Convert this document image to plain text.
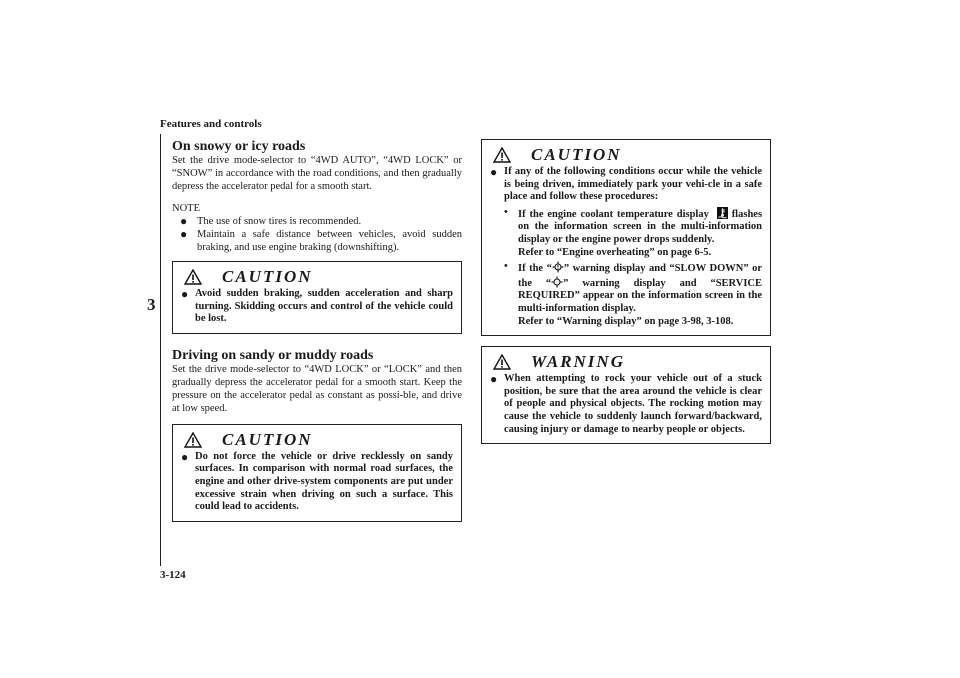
Features and controls
3
3-124
On snowy or icy roads

Set the drive mode-selector to “4WD AUTO”, “4WD LOCK” or “SNOW” in accordance with the road conditions, and then gradually depress the accelerator pedal for a smooth start.

NOTE
● The use of snow tires is recommended.
● Maintain a safe distance between vehicles, avoid sudden braking, and use engine braking (downshifting).
CAUTION
● Avoid sudden braking, sudden acceleration and sharp turning. Skidding occurs and control of the vehicle could be lost.
Driving on sandy or muddy roads

Set the drive mode-selector to “4WD LOCK” or “LOCK” and then gradually depress the accelerator pedal for a smooth start. Keep the pressure on the accelerator pedal as constant as possi-ble, and drive at low speed.

CAUTION
● Do not force the vehicle or drive recklessly on sandy surfaces. In comparison with normal road surfaces, the engine and other drive-system components are put under excessive strain when driving on such a surface. This could lead to accidents.
CAUTION
● If any of the following conditions occur while the vehicle is being driven, immediately park your vehi-cle in a safe place and follow these procedures:
• If the engine coolant temperature display flashes on the information screen in the multi-information display or the engine power drops suddenly.
Refer to “Engine overheating” on page 6-5.
• If the “ ” warning display and “SLOW DOWN” or the “ ” warning display and “SERVICE REQUIRED” appear on the information screen in the multi-information display.
Refer to “Warning display” on page 3-98, 3-108.
WARNING
● When attempting to rock your vehicle out of a stuck position, be sure that the area around the vehicle is clear of people and physical objects. The rocking motion may cause the vehicle to suddenly launch forward/backward, causing injury or damage to nearby people or objects.
